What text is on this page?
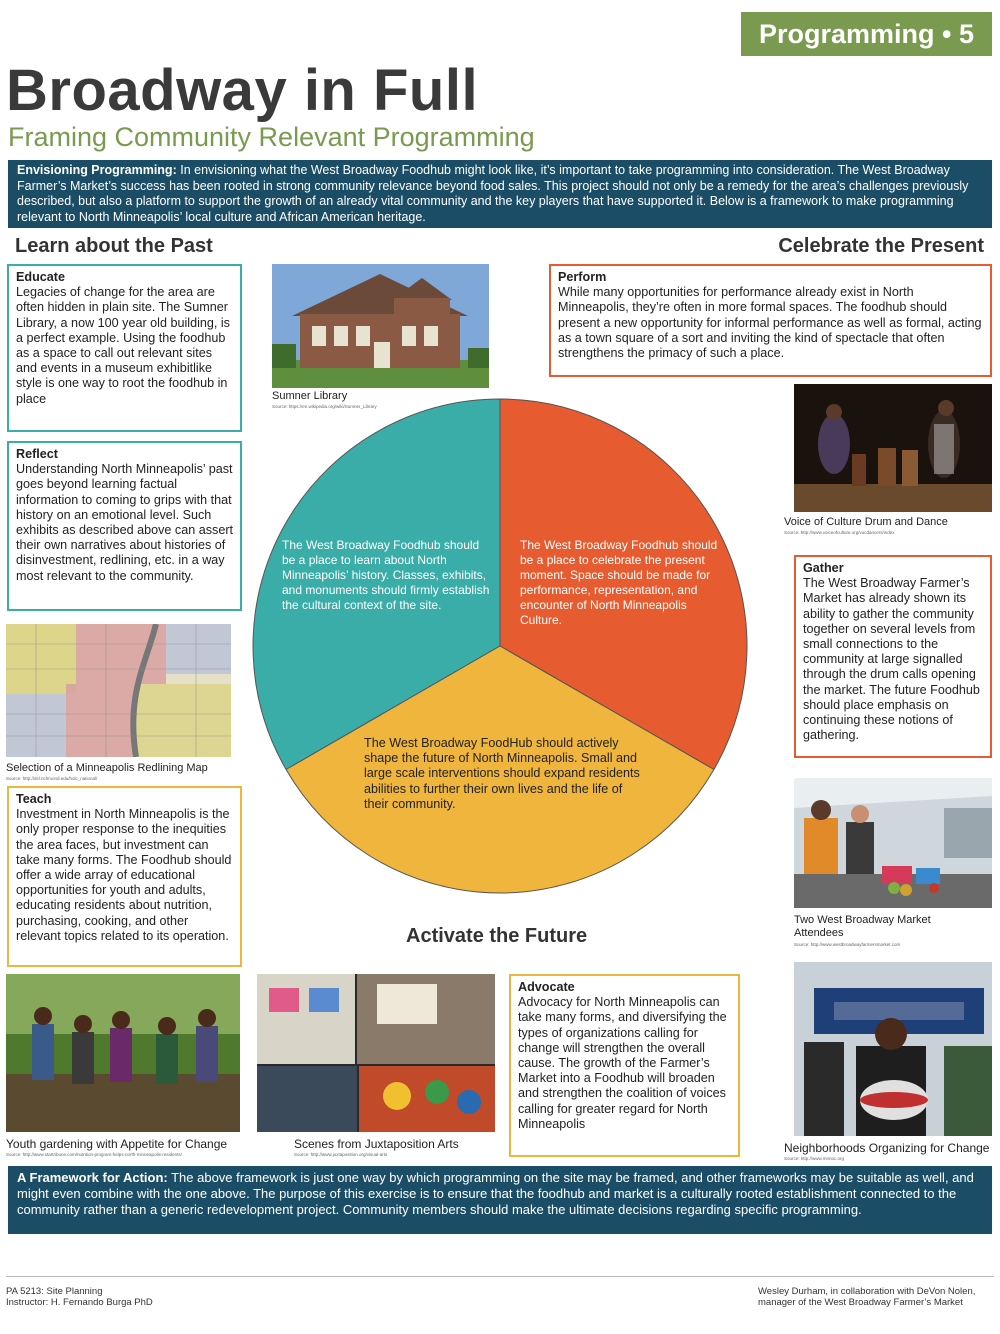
Programming • 5
Broadway in Full
Framing Community Relevant Programming
Envisioning Programming: In envisioning what the West Broadway Foodhub might look like, it’s important to take programming into consideration. The West Broadway Farmer’s Market’s success has been rooted in strong community relevance beyond food sales. This project should not only be a remedy for the area’s challenges previously described, but also a platform to support the growth of an already vital community and the key players that have supported it. Below is a framework to make programming relevant to North Minneapolis’ local culture and African American heritage.
Learn about the Past	Celebrate the Present
Activate the Future
The West Broadway Foodhub should be a place to learn about North Minneapolis’ history. Classes, exhibits, and monuments should firmly establish the cultural context of the site.
The West Broadway Foodhub should be a place to celebrate the present moment. Space should be made for performance, representation, and encounter of North Minneapolis Culture.
The West Broadway FoodHub should actively shape the future of North Minneapolis. Small and large scale interventions should expand residents abilities to further their own lives and the life of their community.
Educate
Legacies of change for the area are often hidden in plain site. The Sumner Library, a now 100 year old building, is a perfect example. Using the foodhub as a space to call out relevant sites and events in a museum exhibitlike style is one way to root the foodhub in place
Reflect
Understanding North Minneapolis’ past goes beyond learning factual information to coming to grips with that history on an emotional level. Such exhibits as described above can assert their own narratives about histories of disinvestment, redlining, etc. in a way most relevant to the community.
Teach
Investment in North Minneapolis is the only proper response to the inequities the area faces, but investment can take many forms. The Foodhub should offer a wide array of educational opportunities for youth and adults, educating residents about nutrition, purchasing, cooking, and other relevant topics related to its operation.
Perform
While many opportunities for performance already exist in North Minneapolis, they’re often in more formal spaces. The foodhub should present a new opportunity for informal performance as well as formal, acting as a town square of a sort and inviting the kind of spectacle that often strengthens the primacy of such a place.
Gather
The West Broadway Farmer’s Market has already shown its ability to gather the community together on several levels from small connections to the community at large signalled through the drum calls opening the market. The future Foodhub should place emphasis on continuing these notions of gathering.
Advocate
Advocacy for North Minneapolis can take many forms, and diversifying the types of organizations calling for change will strengthen the overall cause. The growth of the Farmer’s Market into a Foodhub will broaden and strengthen the coalition of voices calling for greater regard for North Minneapolis
Sumner Library
Source: https://en.wikipedia.org/wiki/Sumner_Library
Voice of Culture Drum and Dance
Source: http://www.voiceofculture.org/vocdancers/index
Selection of a Minneapolis Redlining Map
Source: http://dsl.richmond.edu/holc_national/
Two West Broadway Market Attendees
Source: http://www.westbroadwayfarmersmarket.com
Youth gardening with Appetite for Change
Source: http://www.startribune.com/nutrition-program-helps-north-minneapolis-residents/
Scenes from Juxtaposition Arts
Source: http://www.juxtaposition.org/visual-arts	Neighborhoods Organizing for Change
Source: http://www.mnnoc.org
A Framework for Action: The above framework is just one way by which programming on the site may be framed, and other frameworks may be suitable as well, and might even combine with the one above. The purpose of this exercise is to ensure that the foodhub and market is a culturally rooted establishment connected to the community rather than a generic redevelopment project. Community members should make the ultimate decisions regarding specific programming.
PA 5213: Site Planning
Instructor: H. Fernando Burga PhD
Wesley Durham, in collaboration with DeVon Nolen,
manager of the West Broadway Farmer’s Market
